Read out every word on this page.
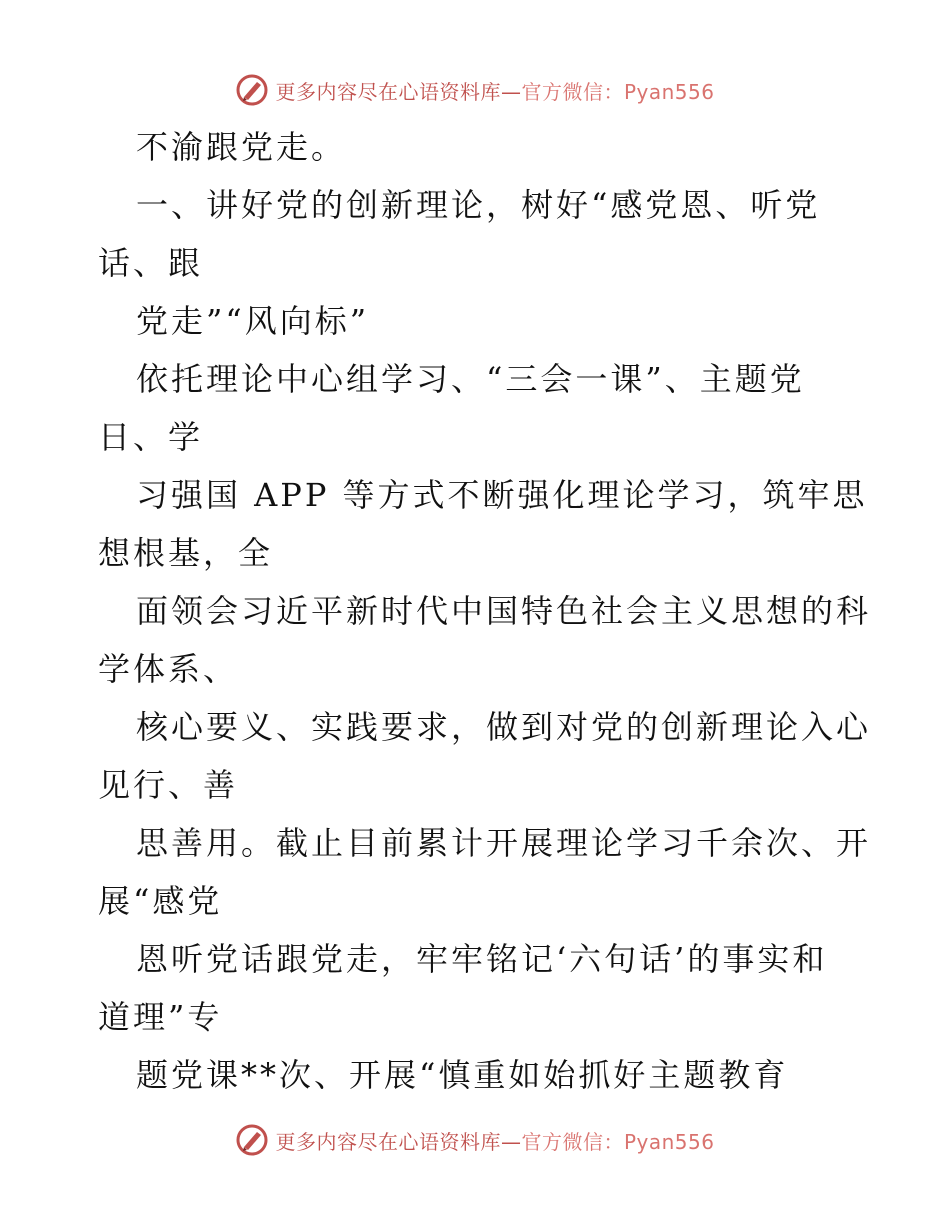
更多内容尽在心语资料库—官方微信：Pyan556
不渝跟党走。
一、讲好党的创新理论，树好“感党恩、听党
话、跟
党走”“风向标”
依托理论中心组学习、“三会一课”、主题党
日、学
习强国 APP 等方式不断强化理论学习，筑牢思
想根基，全
面领会习近平新时代中国特色社会主义思想的科
学体系、
核心要义、实践要求，做到对党的创新理论入心
见行、善
思善用。截止目前累计开展理论学习千余次、开
展“感党
恩听党话跟党走，牢牢铭记‘六句话’的事实和
道理”专
题党课**次、开展“慎重如始抓好主题教育
更多内容尽在心语资料库—官方微信：Pyan556
